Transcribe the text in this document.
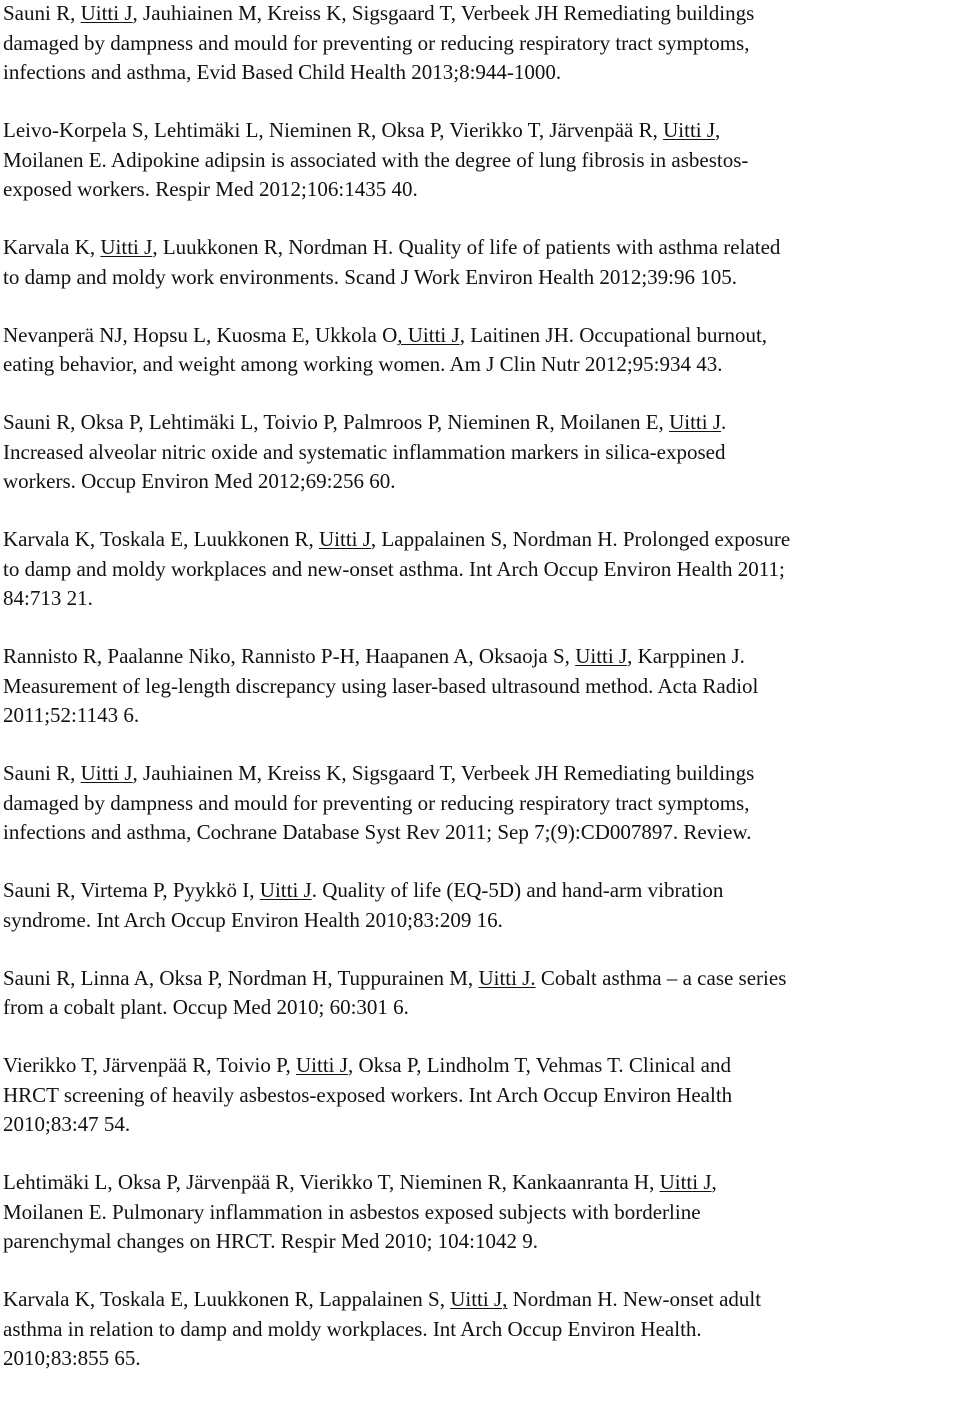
Sauni R, Uitti J, Jauhiainen M, Kreiss K, Sigsgaard T, Verbeek JH Remediating buildings
damaged by dampness and mould for preventing or reducing respiratory tract symptoms,
infections and asthma, Evid Based Child Health 2013;8:944-1000.

Leivo-Korpela S, Lehtimäki L, Nieminen R, Oksa P, Vierikko T, Järvenpää R, Uitti J,
Moilanen E. Adipokine adipsin is associated with the degree of lung fibrosis in asbestos-
exposed workers. Respir Med 2012;106:1435 40.

Karvala K, Uitti J, Luukkonen R, Nordman H. Quality of life of patients with asthma related
to damp and moldy work environments. Scand J Work Environ Health 2012;39:96 105.

Nevanperä NJ, Hopsu L, Kuosma E, Ukkola O, Uitti J, Laitinen JH. Occupational burnout,
eating behavior, and weight among working women. Am J Clin Nutr 2012;95:934 43.

Sauni R, Oksa P, Lehtimäki L, Toivio P, Palmroos P, Nieminen R, Moilanen E, Uitti J.
Increased alveolar nitric oxide and systematic inflammation markers in silica-exposed
workers. Occup Environ Med 2012;69:256 60.

Karvala K, Toskala E, Luukkonen R, Uitti J, Lappalainen S, Nordman H. Prolonged exposure
to damp and moldy workplaces and new-onset asthma. Int Arch Occup Environ Health 2011;
84:713 21.

Rannisto R, Paalanne Niko, Rannisto P-H, Haapanen A, Oksaoja S, Uitti J, Karppinen J.
Measurement of leg-length discrepancy using laser-based ultrasound method. Acta Radiol
2011;52:1143 6.

Sauni R, Uitti J, Jauhiainen M, Kreiss K, Sigsgaard T, Verbeek JH Remediating buildings
damaged by dampness and mould for preventing or reducing respiratory tract symptoms,
infections and asthma, Cochrane Database Syst Rev 2011; Sep 7;(9):CD007897. Review.

Sauni R, Virtema P, Pyykkö I, Uitti J. Quality of life (EQ-5D) and hand-arm vibration
syndrome. Int Arch Occup Environ Health 2010;83:209 16.

Sauni R, Linna A, Oksa P, Nordman H, Tuppurainen M, Uitti J. Cobalt asthma – a case series
from a cobalt plant. Occup Med 2010; 60:301 6.

Vierikko T, Järvenpää R, Toivio P, Uitti J, Oksa P, Lindholm T, Vehmas T. Clinical and
HRCT screening of heavily asbestos-exposed workers. Int Arch Occup Environ Health
2010;83:47 54.

Lehtimäki L, Oksa P, Järvenpää R, Vierikko T, Nieminen R, Kankaanranta H, Uitti J,
Moilanen E. Pulmonary inflammation in asbestos exposed subjects with borderline
parenchymal changes on HRCT. Respir Med 2010; 104:1042 9.

Karvala K, Toskala E, Luukkonen R, Lappalainen S, Uitti J, Nordman H. New-onset adult
asthma in relation to damp and moldy workplaces. Int Arch Occup Environ Health.
2010;83:855 65.
